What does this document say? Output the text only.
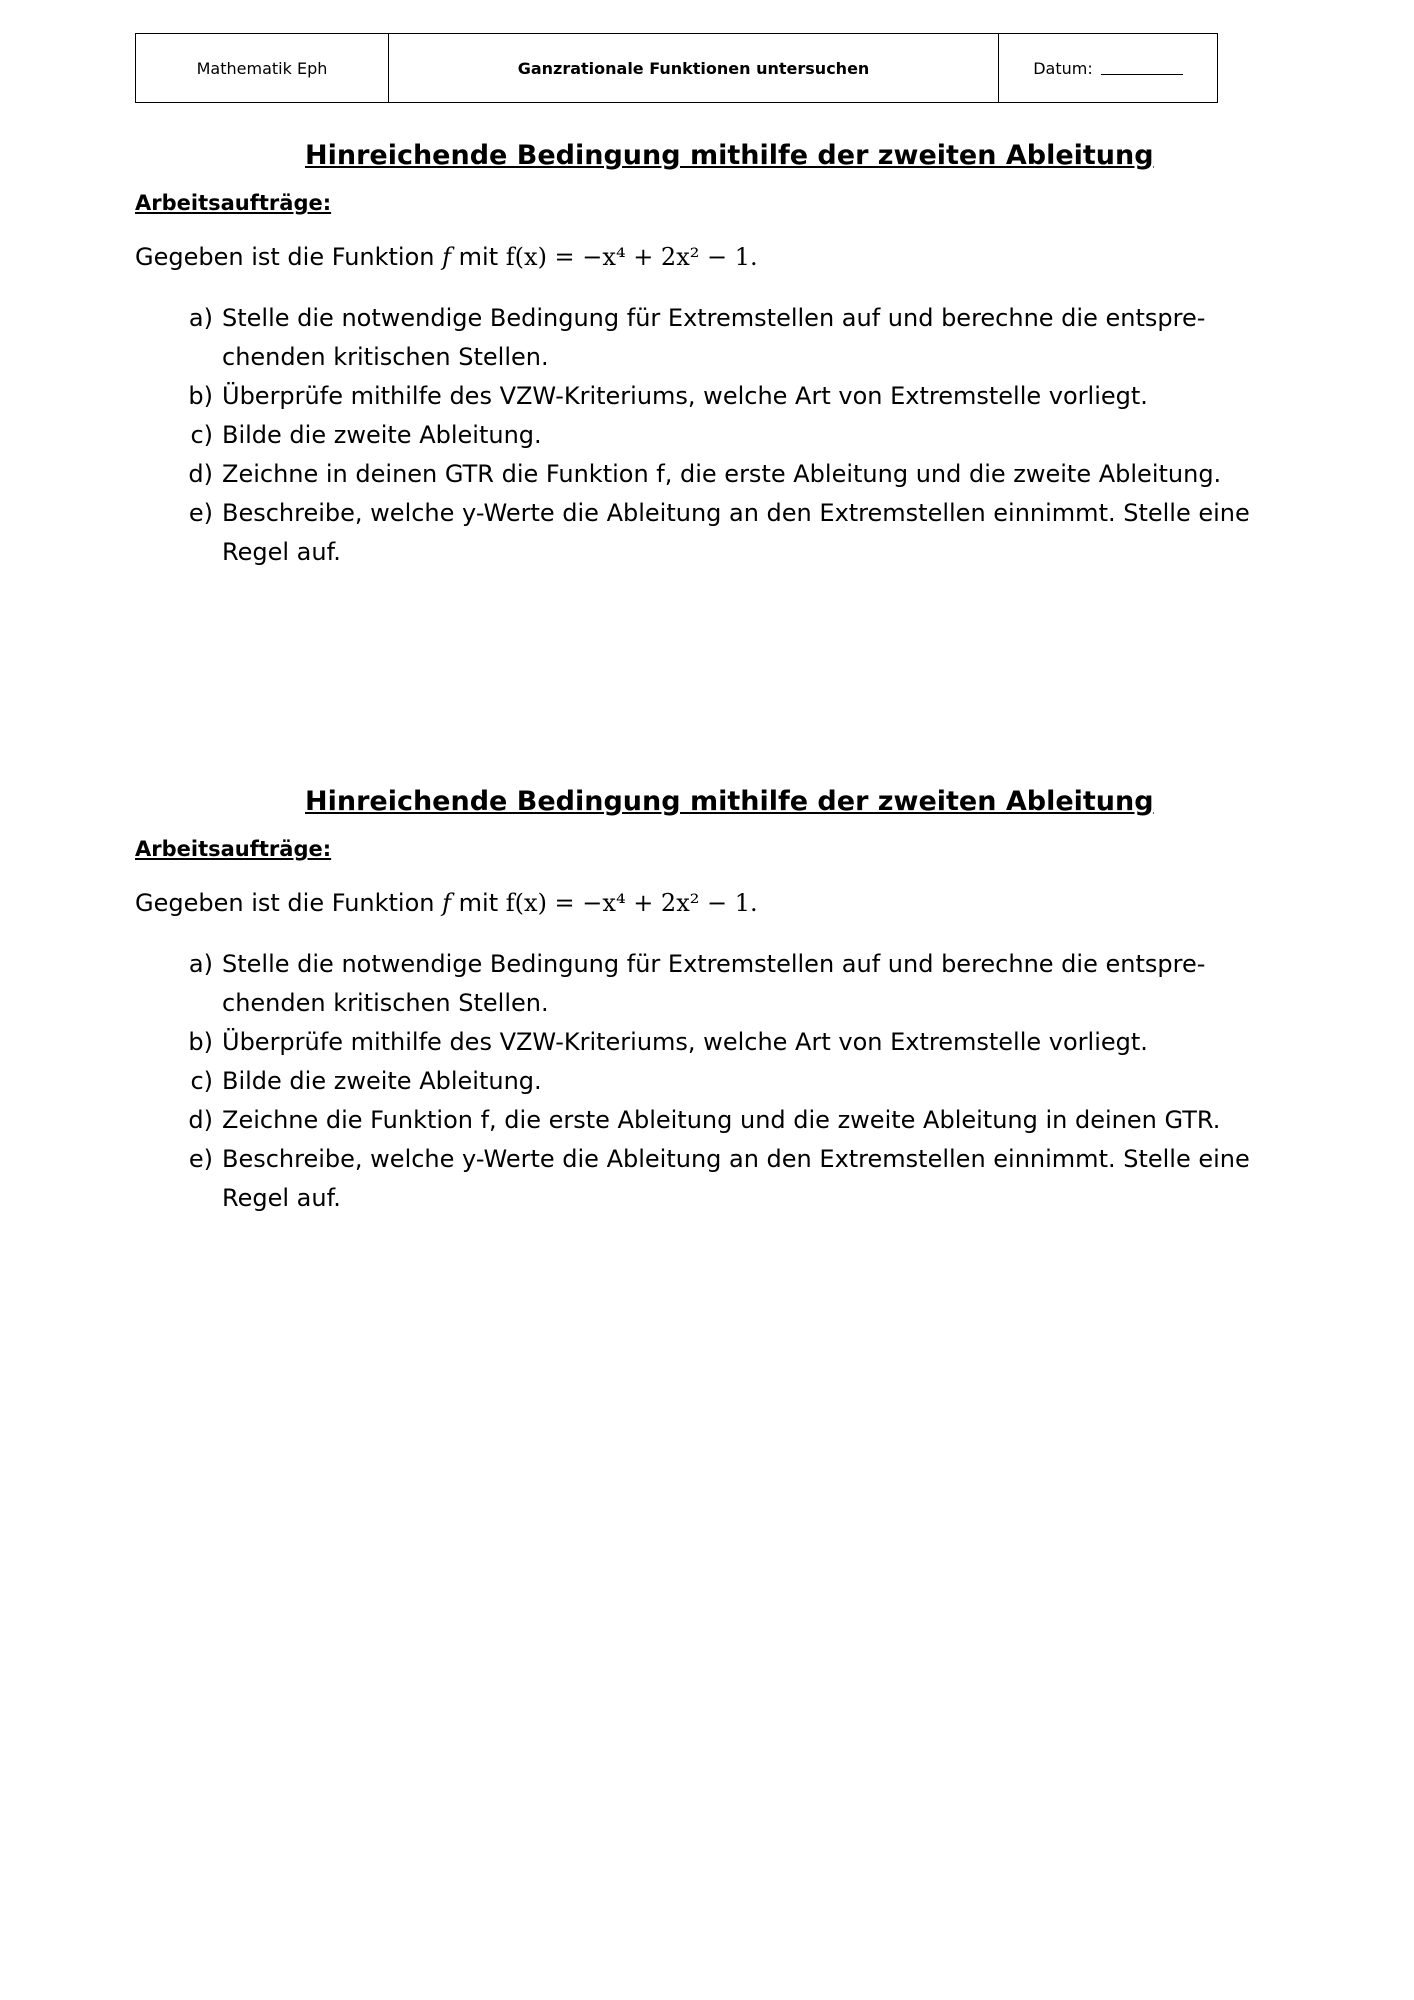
Mathematik Eph	Ganzrationale Funktionen untersuchen	Datum:
Hinreichende Bedingung mithilfe der zweiten Ableitung
Arbeitsaufträge:
Gegeben ist die Funktion f mit f(x) = −x⁴ + 2x² − 1.
a) Stelle die notwendige Bedingung für Extremstellen auf und berechne die entspre-chenden kritischen Stellen.
b) Überprüfe mithilfe des VZW-Kriteriums, welche Art von Extremstelle vorliegt.
c) Bilde die zweite Ableitung.
d) Zeichne in deinen GTR die Funktion f, die erste Ableitung und die zweite Ableitung.
e) Beschreibe, welche y-Werte die Ableitung an den Extremstellen einnimmt. Stelle eine Regel auf.
Hinreichende Bedingung mithilfe der zweiten Ableitung
Arbeitsaufträge:
Gegeben ist die Funktion f mit f(x) = −x⁴ + 2x² − 1.
a) Stelle die notwendige Bedingung für Extremstellen auf und berechne die entspre-chenden kritischen Stellen.
b) Überprüfe mithilfe des VZW-Kriteriums, welche Art von Extremstelle vorliegt.
c) Bilde die zweite Ableitung.
d) Zeichne die Funktion f, die erste Ableitung und die zweite Ableitung in deinen GTR.
e) Beschreibe, welche y-Werte die Ableitung an den Extremstellen einnimmt. Stelle eine Regel auf.
